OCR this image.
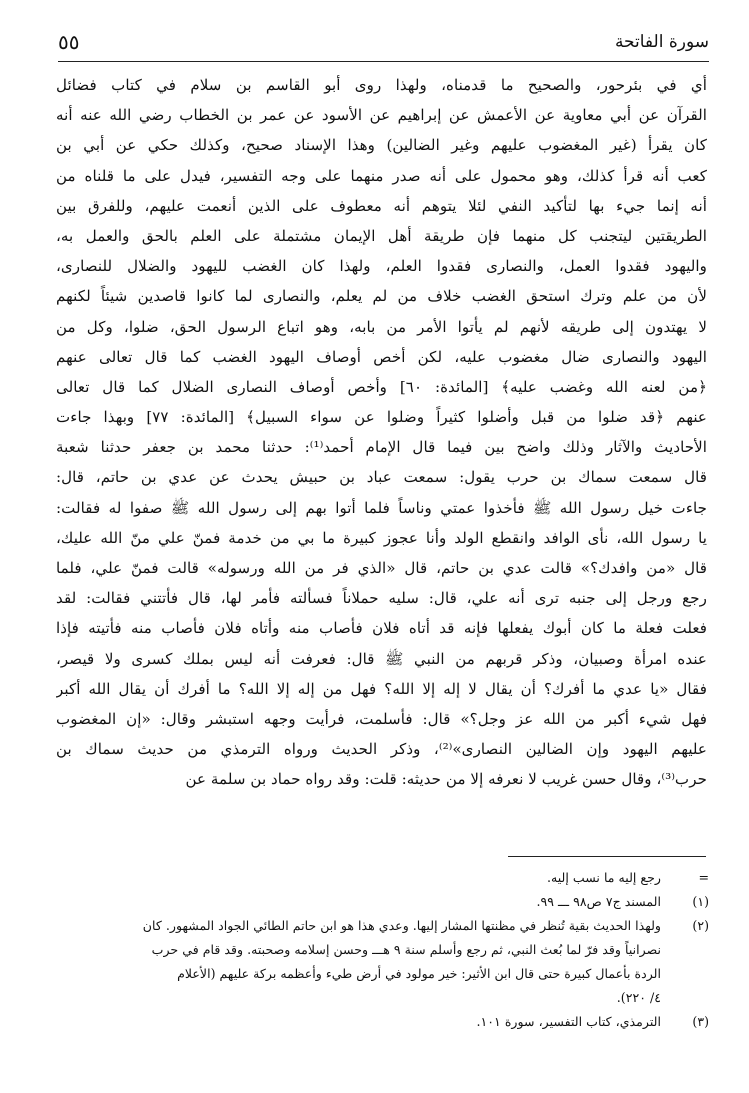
سورة الفاتحة
٥٥
أي في بئرحور، والصحيح ما قدمناه، ولهذا روى أبو القاسم بن سلام في كتاب فضائل
القرآن عن أبي معاوية عن الأعمش عن إبراهيم عن الأسود عن عمر بن الخطاب رضي الله عنه أنه
كان يقرأ (غير المغضوب عليهم وغير الضالين) وهذا الإسناد صحيح، وكذلك حكي عن أبي بن
كعب أنه قرأ كذلك، وهو محمول على أنه صدر منهما على وجه التفسير، فيدل على ما قلناه من
أنه إنما جيء بها لتأكيد النفي لئلا يتوهم أنه معطوف على الذين أنعمت عليهم، وللفرق بين
الطريقتين ليتجنب كل منهما فإن طريقة أهل الإيمان مشتملة على العلم بالحق والعمل به،
واليهود فقدوا العمل، والنصارى فقدوا العلم، ولهذا كان الغضب لليهود والضلال للنصارى،
لأن من علم وترك استحق الغضب خلاف من لم يعلم، والنصارى لما كانوا قاصدين شيئاً لكنهم
لا يهتدون إلى طريقه لأنهم لم يأتوا الأمر من بابه، وهو اتباع الرسول الحق، ضلوا، وكل من
اليهود والنصارى ضال مغضوب عليه، لكن أخص أوصاف اليهود الغضب كما قال تعالى عنهم
﴿من لعنه الله وغضب عليه﴾ [المائدة: ٦٠] وأخص أوصاف النصارى الضلال كما قال تعالى
عنهم ﴿قد ضلوا من قبل وأضلوا كثيراً وضلوا عن سواء السبيل﴾ [المائدة: ٧٧] وبهذا جاءت
الأحاديث والآثار وذلك واضح بين فيما قال الإمام أحمد⁽¹⁾: حدثنا محمد بن جعفر حدثنا شعبة
قال سمعت سماك بن حرب يقول: سمعت عباد بن حبيش يحدث عن عدي بن حاتم، قال:
جاءت خيل رسول الله ﷺ فأخذوا عمتي وناساً فلما أتوا بهم إلى رسول الله ﷺ صفوا له فقالت:
يا رسول الله، نأى الوافد وانقطع الولد وأنا عجوز كبيرة ما بي من خدمة فمنّ علي منّ الله عليك،
قال «من وافدك؟» قالت عدي بن حاتم، قال «الذي فر من الله ورسوله» قالت فمنّ علي، فلما
رجع ورجل إلى جنبه ترى أنه علي، قال: سليه حملاناً فسألته فأمر لها، قال فأتتني فقالت: لقد
فعلت فعلة ما كان أبوك يفعلها فإنه قد أتاه فلان فأصاب منه وأتاه فلان فأصاب منه فأتيته فإذا
عنده امرأة وصبيان، وذكر قربهم من النبي ﷺ قال: فعرفت أنه ليس بملك كسرى ولا قيصر،
فقال «يا عدي ما أفرك؟ أن يقال لا إله إلا الله؟ فهل من إله إلا الله؟ ما أفرك أن يقال الله أكبر
فهل شيء أكبر من الله عز وجل؟» قال: فأسلمت، فرأيت وجهه استبشر وقال: «إن المغضوب
عليهم اليهود وإن الضالين النصارى»⁽²⁾، وذكر الحديث ورواه الترمذي من حديث سماك بن
حرب⁽³⁾، وقال حسن غريب لا نعرفه إلا من حديثه: قلت: وقد رواه حماد بن سلمة عن
=
رجع إليه ما نسب إليه.
(١)
المسند ج٧ ص٩٨ ـــ ٩٩.
(٢)
ولهذا الحديث بقية تُنظر في مظنتها المشار إليها. وعدي هذا هو ابن حاتم الطائي الجواد المشهور. كان
نصرانياً وقد فرّ لما بُعث النبي، ثم رجع وأسلم سنة ٩ هـــ وحسن إسلامه وصحبته. وقد قام في حرب
الردة بأعمال كبيرة حتى قال ابن الأثير: خير مولود في أرض طيء وأعظمه بركة عليهم (الأعلام
٤/ ٢٢٠).
(٣)
الترمذي، كتاب التفسير، سورة ١٠١.
